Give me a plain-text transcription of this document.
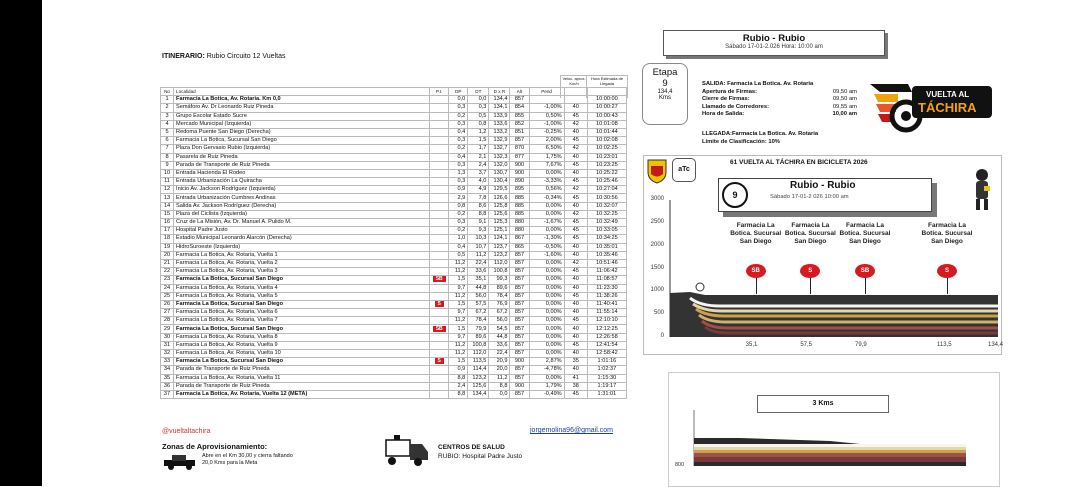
ITINERARIO: Rubio Circuito 12 Vueltas
Veloc. aprox. Km/h
Hora Estimada de Llegada
No	Localidad	P.I.	DP	DT	D x R	Alt	Pend		
1	Farmacia La Botica, Av. Rotaria. Km 0,0		0,0	0,0	134,4	857			10:00:00
2	Semáforo Av. Dr Leonardo Ruiz Pineda		0,3	0,3	134,1	854	-1,00%	40	10:00:27
3	Grupo Escolar Estado Sucre		0,2	0,5	133,9	855	0,50%	45	10:00:43
4	Mercado Municipal (Izquierda)		0,3	0,8	133,6	852	-1,00%	42	10:01:08
5	Redoma Puente San Diego (Derecha)		0,4	1,2	133,2	851	-0,25%	40	10:01:44
6	Farmacia La Botica, Sucursal San Diego		0,3	1,5	132,9	857	2,00%	45	10:02:08
7	Plaza Don Gervasio Rubio (Izquierda)		0,2	1,7	132,7	870	6,50%	42	10:02:25
8	Pasarela de Ruiz Pineda		0,4	2,1	132,3	877	1,75%	40	10:23:01
9	Parada de Transporte de Ruiz Pineda		0,3	2,4	132,0	900	7,67%	45	10:23:25
10	Entrada Hacienda El Rodeo		1,3	3,7	130,7	900	0,00%	40	10:25:22
11	Entrada Urbanización La Quiracha		0,3	4,0	130,4	890	-3,33%	45	10:25:46
12	Inicio Av. Jackson Rodríguez (Izquierda)		0,9	4,9	129,5	895	0,56%	42	10:27:04
13	Entrada Urbanización Cumbres Andinas		2,9	7,8	126,6	885	-0,34%	45	10:30:56
14	Salida Av. Jackson Rodríguez (Derecha)		0,8	8,6	125,8	885	0,00%	40	10:32:07
15	Plaza del Ciclista (Izquierda)		0,2	8,8	125,6	885	0,00%	42	10:32:25
16	Cruz de La Misión, Av. Dr. Manuel A. Pulido M.		0,3	9,1	125,3	880	-1,67%	45	10:32:49
17	Hospital Padre Justo		0,2	9,3	125,1	880	0,00%	45	10:33:05
18	Estadio Municipal Leonardo Alarcón (Derecha)		1,0	10,3	124,1	867	-1,30%	45	10:34:25
19	HidroSuroeste (Izquierda)		0,4	10,7	123,7	865	-0,50%	40	10:35:01
20	Farmacia La Botica, Av. Rotaria, Vuelta 1		0,5	11,2	123,2	857	-1,60%	40	10:35:46
21	Farmacia La Botica, Av. Rotaria, Vuelta 2		11,2	22,4	112,0	857	0,00%	42	10:51:46
22	Farmacia La Botica, Av. Rotaria, Vuelta 3		11,2	33,6	100,8	857	0,00%	45	11:06:42
23	Farmacia La Botica, Sucursal San Diego	SB	1,5	35,1	99,3	857	0,00%	40	11:08:57
24	Farmacia La Botica, Av. Rotaria, Vuelta 4		9,7	44,8	89,6	857	0,00%	40	11:23:30
25	Farmacia La Botica, Av. Rotaria, Vuelta 5		11,2	56,0	78,4	857	0,00%	45	11:38:26
26	Farmacia La Botica, Sucursal San Diego	S	1,5	57,5	76,9	857	0,00%	40	11:40:41
27	Farmacia La Botica, Av. Rotaria, Vuelta 6		9,7	67,2	67,2	857	0,00%	40	11:55:14
28	Farmacia La Botica, Av. Rotaria, Vuelta 7		11,2	78,4	56,0	857	0,00%	45	12:10:10
29	Farmacia La Botica, Sucursal San Diego	SB	1,5	79,9	54,5	857	0,00%	40	12:12:25
30	Farmacia La Botica, Av. Rotaria, Vuelta 8		9,7	89,6	44,8	857	0,00%	40	12:26:58
31	Farmacia La Botica, Av. Rotaria, Vuelta 9		11,2	100,8	33,6	857	0,00%	45	12:41:54
32	Farmacia La Botica, Av. Rotaria, Vuelta 10		11,2	112,0	22,4	857	0,00%	40	12:58:42
33	Farmacia La Botica, Sucursal San Diego	S	1,5	113,5	20,9	900	2,87%	35	1:01:16
34	Parada de Transporte de Ruiz Pineda		0,9	114,4	20,0	857	-4,78%	40	1:02:37
35	Farmacia La Botica, Av. Rotaria, Vuelta 11		8,8	123,2	11,2	857	0,00%	41	1:15:30
36	Parada de Transporte de Ruiz Pineda		2,4	125,6	8,8	900	1,79%	38	1:19:17
37	Farmacia La Botica, Av. Rotaria, Vuelta 12 (META)		8,8	134,4	0,0	857	-0,49%	45	1:31:01
@vueltaltachira	jorgemolina96@gmail.com
Zonas de Aprovisionamiento:
Abre en el Km 30,00 y cierra faltando
20,0 Kms para la Meta
CENTROS DE SALUD
RUBIO: Hospital Padre Justo
Rubio - Rubio
Sábado 17-01-2.026 Hora: 10:00 am
Etapa
9
134,4
Kms
SALIDA: Farmacia La Botica. Av. Rotaria
Apertura de Firmas:	09,50 am
Cierre de Firmas:	09,50 am
Llamado de Corredores:	09,55 am
Hora de Salida:	10,00 am
LLEGADA:Farmacia La Botica. Av. Rotaria
Límite de Clasificación: 10%
VUELTA AL
TÁCHIRA
aTc
61 VUELTA AL TÁCHIRA EN BICICLETA 2026
9
Rubio - Rubio
Sábado 17-01-2 026 10:00 am
3000
2500
2000
1500
1000
500
0
35,1	57,5	79,9	113,5	134,4
Farmacia La Botica. Sucursal San Diego
SB
Farmacia La Botica. Sucursal San Diego
S
Farmacia La Botica. Sucursal San Diego
SB
Farmacia La Botica. Sucursal San Diego
S
3 Kms
800
